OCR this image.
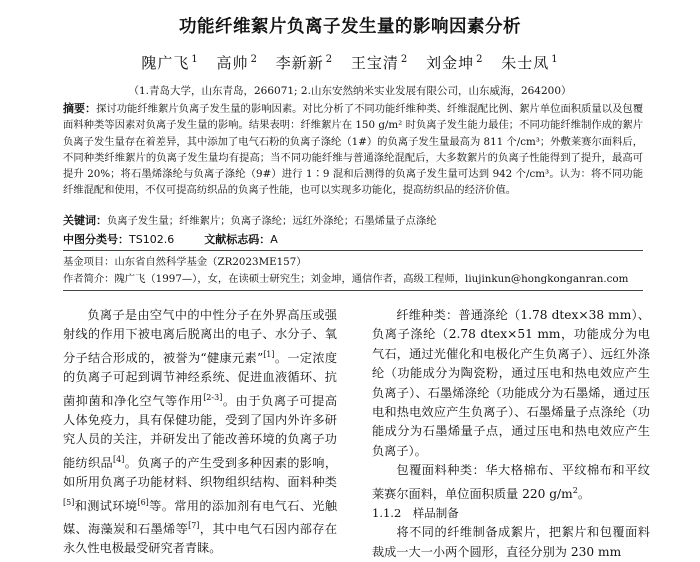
功能纤维絮片负离子发生量的影响因素分析
隗广飞 $^1$ 高帅 $^2$ 李新新 $^2$ 王宝清 $^2$ 刘金坤 $^2$ 朱士凤 $^1$
（1.青岛大学，山东青岛，266071; 2.山东安然纳米实业发展有限公司，山东威海，264200）
摘要：探讨功能纤维絮片负离子发生量的影响因素。对比分析了不同功能纤维种类、纤维混配比例、絮片单位面积质量以及包覆面料种类等因素对负离子发生量的影响。结果表明：纤维絮片在 150 g/m² 时负离子发生能力最佳；不同功能纤维制作成的絮片负离子发生量存在着差异，其中添加了电气石粉的负离子涤纶（1#）的负离子发生量最高为 811 个/cm³；外敷莱赛尔面料后，不同种类纤维絮片的负离子发生量均有提高；当不同功能纤维与普通涤纶混配后，大多数絮片的负离子性能得到了提升，最高可提升 20%；将石墨烯涤纶与负离子涤纶（9#）进行 1∶9 混和后测得的负离子发生量可达到 942 个/cm³。认为：将不同功能纤维混配和使用，不仅可提高纺织品的负离子性能，也可以实现多功能化，提高纺织品的经济价值。
关键词：负离子发生量；纤维絮片；负离子涤纶；远红外涤纶；石墨烯量子点涤纶
中图分类号：TS102.6	文献标志码：A
基金项目：山东省自然科学基金（ZR2023ME157）
作者简介：隗广飞（1997—），女，在读硕士研究生；刘金坤，通信作者，高级工程师，liujinkun@hongkonganran.com

负离子是由空气中的中性分子在外界高压或强射线的作用下被电离后脱离出的电子、水分子、氧分子结合形成的，被誉为“健康元素”[1]。一定浓度的负离子可起到调节神经系统、促进血液循环、抗菌抑菌和净化空气等作用[2-3]。由于负离子可提高人体免疫力，具有保健功能，受到了国内外许多研究人员的关注，并研发出了能改善环境的负离子功能纺织品[4]。负离子的产生受到多种因素的影响，如所用负离子功能材料、织物组织结构、面料种类[5]和测试环境[6]等。常用的添加剂有电气石、光触媒、海藻炭和石墨烯等[7]，其中电气石因内部存在永久性电极最受研究者青睐。

纤维种类：普通涤纶（1.78 dtex×38 mm）、负离子涤纶（2.78 dtex×51 mm，功能成分为电气石，通过光催化和电极化产生负离子）、远红外涤纶（功能成分为陶瓷粉，通过压电和热电效应产生负离子）、石墨烯涤纶（功能成分为石墨烯，通过压电和热电效应产生负离子）、石墨烯量子点涤纶（功能成分为石墨烯量子点，通过压电和热电效应产生负离子）。

包覆面料种类：华大格棉布、平纹棉布和平纹莱赛尔面料，单位面积质量 220 $g/m^2$。

1.1.2　样品制备

将不同的纤维制备成絮片，把絮片和包覆面料裁成一大一小两个圆形，直径分别为 230 mm
